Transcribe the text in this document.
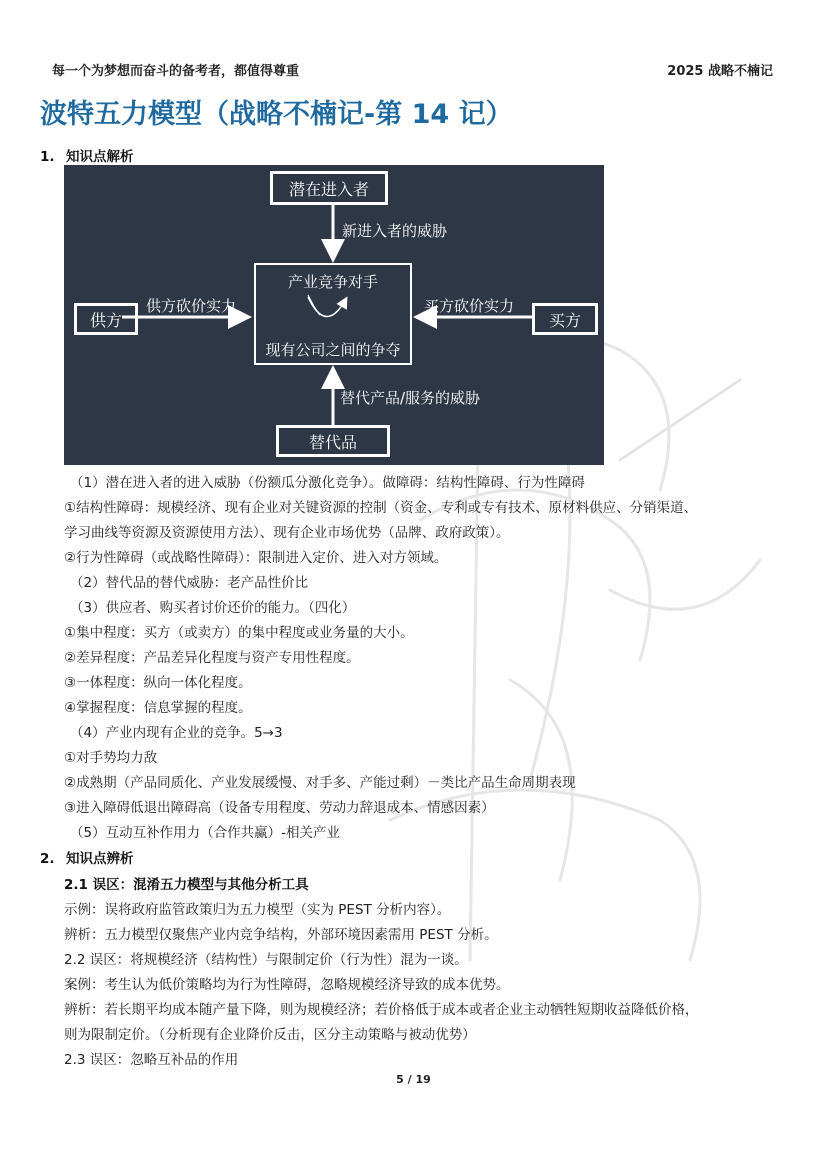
每一个为梦想而奋斗的备考者，都值得尊重	2025 战略不楠记
波特五力模型（战略不楠记-第 14 记）
1. 知识点解析
潜在进入者
新进入者的威胁
产业竞争对手
现有公司之间的争夺
供方
供方砍价实力
买方
买方砍价实力
替代产品/服务的威胁
替代品
（1）潜在进入者的进入威胁（份额瓜分激化竞争）。做障碍：结构性障碍、行为性障碍
①结构性障碍：规模经济、现有企业对关键资源的控制（资金、专利或专有技术、原材料供应、分销渠道、
学习曲线等资源及资源使用方法）、现有企业市场优势（品牌、政府政策）。
②行为性障碍（或战略性障碍）：限制进入定价、进入对方领域。
（2）替代品的替代威胁：老产品性价比
（3）供应者、购买者讨价还价的能力。（四化）
①集中程度：买方（或卖方）的集中程度或业务量的大小。
②差异程度：产品差异化程度与资产专用性程度。
③一体程度：纵向一体化程度。
④掌握程度：信息掌握的程度。
（4）产业内现有企业的竞争。5→3
①对手势均力敌
②成熟期（产品同质化、产业发展缓慢、对手多、产能过剩）－类比产品生命周期表现
③进入障碍低退出障碍高（设备专用程度、劳动力辞退成本、情感因素）
（5）互动互补作用力（合作共赢）-相关产业
2. 知识点辨析
2.1 误区：混淆五力模型与其他分析工具
示例：误将政府监管政策归为五力模型（实为 PEST 分析内容）。
辨析：五力模型仅聚焦产业内竞争结构，外部环境因素需用 PEST 分析。
2.2 误区：将规模经济（结构性）与限制定价（行为性）混为一谈。
案例：考生认为低价策略均为行为性障碍，忽略规模经济导致的成本优势。
辨析：若长期平均成本随产量下降，则为规模经济；若价格低于成本或者企业主动牺牲短期收益降低价格，
则为限制定价。（分析现有企业降价反击，区分主动策略与被动优势）
2.3 误区：忽略互补品的作用
5 / 19
